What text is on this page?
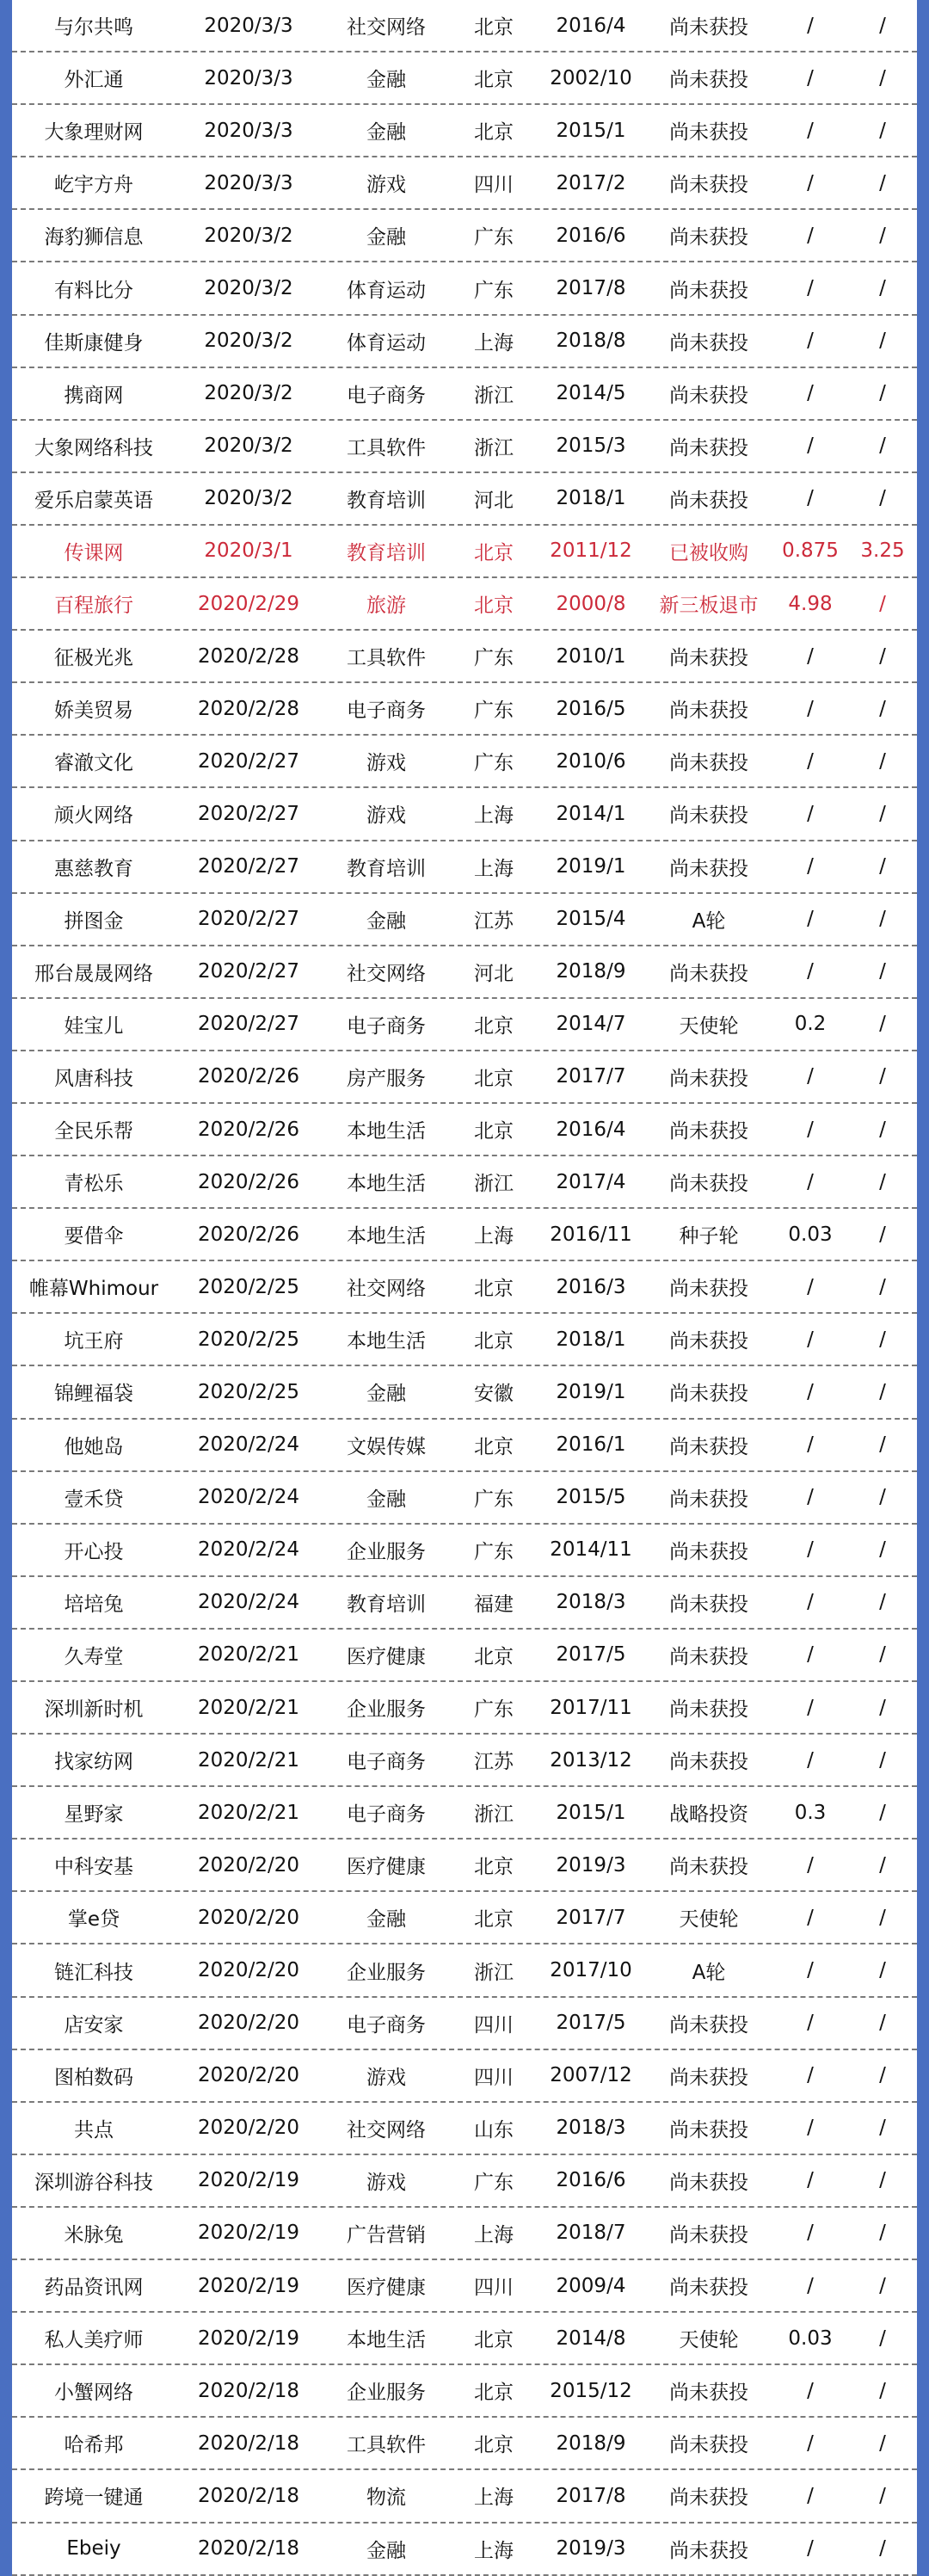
与尔共鸣	2020/3/3	社交网络	北京	2016/4	尚未获投	/	/
外汇通	2020/3/3	金融	北京	2002/10	尚未获投	/	/
大象理财网	2020/3/3	金融	北京	2015/1	尚未获投	/	/
屹宇方舟	2020/3/3	游戏	四川	2017/2	尚未获投	/	/
海豹狮信息	2020/3/2	金融	广东	2016/6	尚未获投	/	/
有料比分	2020/3/2	体育运动	广东	2017/8	尚未获投	/	/
佳斯康健身	2020/3/2	体育运动	上海	2018/8	尚未获投	/	/
携商网	2020/3/2	电子商务	浙江	2014/5	尚未获投	/	/
大象网络科技	2020/3/2	工具软件	浙江	2015/3	尚未获投	/	/
爱乐启蒙英语	2020/3/2	教育培训	河北	2018/1	尚未获投	/	/
传课网	2020/3/1	教育培训	北京	2011/12	已被收购	0.875	3.25
百程旅行	2020/2/29	旅游	北京	2000/8	新三板退市	4.98	/
征极光兆	2020/2/28	工具软件	广东	2010/1	尚未获投	/	/
娇美贸易	2020/2/28	电子商务	广东	2016/5	尚未获投	/	/
睿澈文化	2020/2/27	游戏	广东	2010/6	尚未获投	/	/
颃火网络	2020/2/27	游戏	上海	2014/1	尚未获投	/	/
惠慈教育	2020/2/27	教育培训	上海	2019/1	尚未获投	/	/
拼图金	2020/2/27	金融	江苏	2015/4	A轮	/	/
邢台晟晟网络	2020/2/27	社交网络	河北	2018/9	尚未获投	/	/
娃宝儿	2020/2/27	电子商务	北京	2014/7	天使轮	0.2	/
风唐科技	2020/2/26	房产服务	北京	2017/7	尚未获投	/	/
全民乐帮	2020/2/26	本地生活	北京	2016/4	尚未获投	/	/
青松乐	2020/2/26	本地生活	浙江	2017/4	尚未获投	/	/
要借伞	2020/2/26	本地生活	上海	2016/11	种子轮	0.03	/
帷幕Whimour	2020/2/25	社交网络	北京	2016/3	尚未获投	/	/
坑王府	2020/2/25	本地生活	北京	2018/1	尚未获投	/	/
锦鲤福袋	2020/2/25	金融	安徽	2019/1	尚未获投	/	/
他她岛	2020/2/24	文娱传媒	北京	2016/1	尚未获投	/	/
壹禾贷	2020/2/24	金融	广东	2015/5	尚未获投	/	/
开心投	2020/2/24	企业服务	广东	2014/11	尚未获投	/	/
培培兔	2020/2/24	教育培训	福建	2018/3	尚未获投	/	/
久寿堂	2020/2/21	医疗健康	北京	2017/5	尚未获投	/	/
深圳新时机	2020/2/21	企业服务	广东	2017/11	尚未获投	/	/
找家纺网	2020/2/21	电子商务	江苏	2013/12	尚未获投	/	/
星野家	2020/2/21	电子商务	浙江	2015/1	战略投资	0.3	/
中科安基	2020/2/20	医疗健康	北京	2019/3	尚未获投	/	/
掌e贷	2020/2/20	金融	北京	2017/7	天使轮	/	/
链汇科技	2020/2/20	企业服务	浙江	2017/10	A轮	/	/
店安家	2020/2/20	电子商务	四川	2017/5	尚未获投	/	/
图柏数码	2020/2/20	游戏	四川	2007/12	尚未获投	/	/
共点	2020/2/20	社交网络	山东	2018/3	尚未获投	/	/
深圳游谷科技	2020/2/19	游戏	广东	2016/6	尚未获投	/	/
米脉兔	2020/2/19	广告营销	上海	2018/7	尚未获投	/	/
药品资讯网	2020/2/19	医疗健康	四川	2009/4	尚未获投	/	/
私人美疗师	2020/2/19	本地生活	北京	2014/8	天使轮	0.03	/
小蟹网络	2020/2/18	企业服务	北京	2015/12	尚未获投	/	/
哈希邦	2020/2/18	工具软件	北京	2018/9	尚未获投	/	/
跨境一键通	2020/2/18	物流	上海	2017/8	尚未获投	/	/
Ebeiy	2020/2/18	金融	上海	2019/3	尚未获投	/	/
